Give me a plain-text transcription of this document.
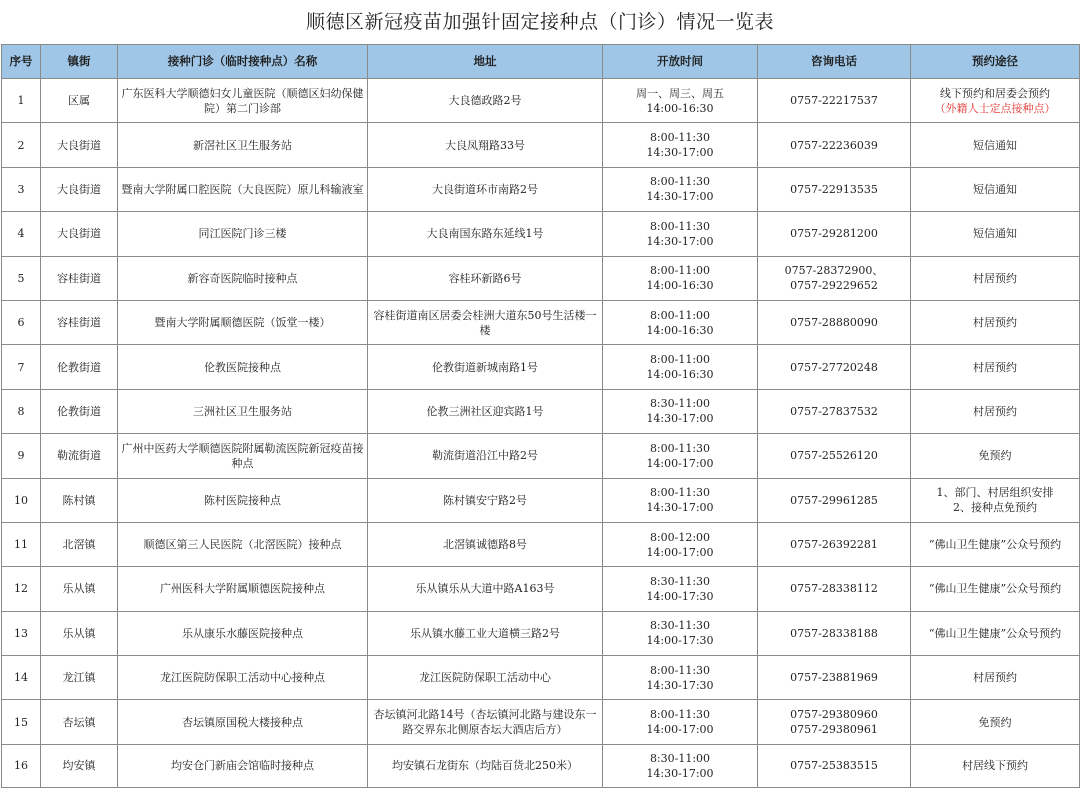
顺德区新冠疫苗加强针固定接种点（门诊）情况一览表
序号	镇街	接种门诊（临时接种点）名称	地址	开放时间	咨询电话	预约途径
1	区属	广东医科大学顺德妇女儿童医院（顺德区妇幼保健院）第二门诊部	大良德政路2号	周一、周三、周五
14:00-16:30	0757-22217537	线下预约和居委会预约
（外籍人士定点接种点）

2	大良街道	新滘社区卫生服务站	大良凤翔路33号	8:00-11:30
14:30-17:00	0757-22236039	短信通知

3	大良街道	暨南大学附属口腔医院（大良医院）原儿科输液室	大良街道环市南路2号	8:00-11:30
14:30-17:00	0757-22913535	短信通知

4	大良街道	同江医院门诊三楼	大良南国东路东延线1号	8:00-11:30
14:30-17:00	0757-29281200	短信通知

5	容桂街道	新容奇医院临时接种点	容桂环新路6号	8:00-11:00
14:00-16:30	0757-28372900、
0757-29229652	村居预约

6	容桂街道	暨南大学附属顺德医院（饭堂一楼）	容桂街道南区居委会桂洲大道东50号生活楼一楼	8:00-11:00
14:00-16:30	0757-28880090	村居预约

7	伦教街道	伦教医院接种点	伦教街道新城南路1号	8:00-11:00
14:00-16:30	0757-27720248	村居预约

8	伦教街道	三洲社区卫生服务站	伦教三洲社区迎宾路1号	8:30-11:00
14:30-17:00	0757-27837532	村居预约

9	勒流街道	广州中医药大学顺德医院附属勒流医院新冠疫苗接种点	勒流街道沿江中路2号	8:00-11:30
14:00-17:00	0757-25526120	免预约

10	陈村镇	陈村医院接种点	陈村镇安宁路2号	8:00-11:30
14:30-17:00	0757-29961285	1、部门、村居组织安排
2、接种点免预约

11	北滘镇	顺德区第三人民医院（北滘医院）接种点	北滘镇诚德路8号	8:00-12:00
14:00-17:00	0757-26392281	“佛山卫生健康”公众号预约

12	乐从镇	广州医科大学附属顺德医院接种点	乐从镇乐从大道中路A163号	8:30-11:30
14:00-17:30	0757-28338112	“佛山卫生健康”公众号预约

13	乐从镇	乐从康乐水藤医院接种点	乐从镇水藤工业大道横三路2号	8:30-11:30
14:00-17:30	0757-28338188	“佛山卫生健康”公众号预约

14	龙江镇	龙江医院防保职工活动中心接种点	龙江医院防保职工活动中心	8:00-11:30
14:30-17:30	0757-23881969	村居预约

15	杏坛镇	杏坛镇原国税大楼接种点	杏坛镇河北路14号（杏坛镇河北路与建设东一路交界东北侧原杏坛大酒店后方）	8:00-11:30
14:00-17:00	0757-29380960
0757-29380961	免预约

16	均安镇	均安仓门新庙会馆临时接种点	均安镇石龙街东（均陆百货北250米）	8:30-11:00
14:30-17:00	0757-25383515	村居线下预约
